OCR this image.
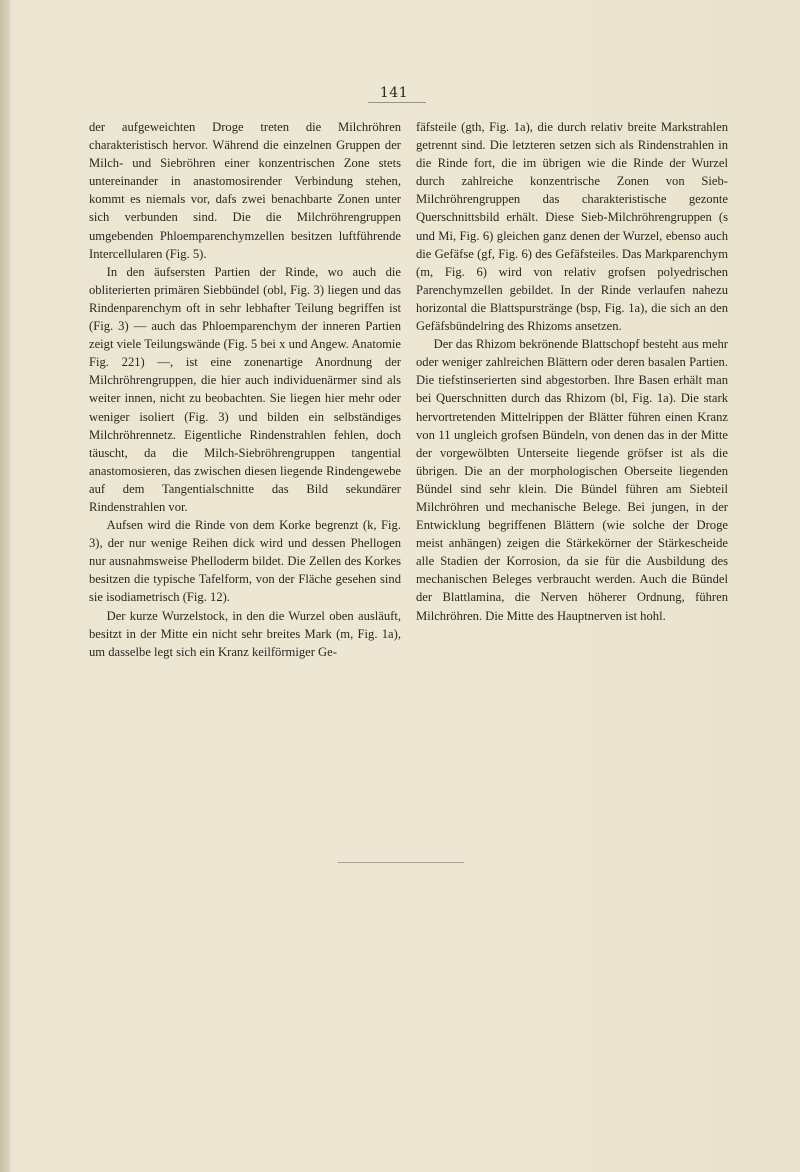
141

der aufgeweichten Droge treten die Milchröhren charakteristisch hervor. Während die einzelnen Gruppen der Milch- und Siebröhren einer konzentrischen Zone stets untereinander in anastomosirender Verbindung stehen, kommt es niemals vor, dafs zwei benachbarte Zonen unter sich verbunden sind. Die die Milchröhrengruppen umgebenden Phloemparenchymzellen besitzen luftführende Intercellularen (Fig. 5).

In den äufsersten Partien der Rinde, wo auch die obliterierten primären Siebbündel (obl, Fig. 3) liegen und das Rindenparenchym oft in sehr lebhafter Teilung begriffen ist (Fig. 3) — auch das Phloemparenchym der inneren Partien zeigt viele Teilungswände (Fig. 5 bei x und Angew. Anatomie Fig. 221) —, ist eine zonenartige Anordnung der Milchröhrengruppen, die hier auch individuenärmer sind als weiter innen, nicht zu beobachten. Sie liegen hier mehr oder weniger isoliert (Fig. 3) und bilden ein selbständiges Milchröhrennetz. Eigentliche Rindenstrahlen fehlen, doch täuscht, da die Milch-Siebröhrengruppen tangential anastomosieren, das zwischen diesen liegende Rindengewebe auf dem Tangentialschnitte das Bild sekundärer Rindenstrahlen vor.

Aufsen wird die Rinde von dem Korke begrenzt (k, Fig. 3), der nur wenige Reihen dick wird und dessen Phellogen nur ausnahmsweise Phelloderm bildet. Die Zellen des Korkes besitzen die typische Tafelform, von der Fläche gesehen sind sie isodiametrisch (Fig. 12).

Der kurze Wurzelstock, in den die Wurzel oben ausläuft, besitzt in der Mitte ein nicht sehr breites Mark (m, Fig. 1a), um dasselbe legt sich ein Kranz keilförmiger Ge-

fäfsteile (gth, Fig. 1a), die durch relativ breite Markstrahlen getrennt sind. Die letzteren setzen sich als Rindenstrahlen in die Rinde fort, die im übrigen wie die Rinde der Wurzel durch zahlreiche konzentrische Zonen von Sieb-Milchröhrengruppen das charakteristische gezonte Querschnittsbild erhält. Diese Sieb-Milchröhrengruppen (s und Mi, Fig. 6) gleichen ganz denen der Wurzel, ebenso auch die Gefäfse (gf, Fig. 6) des Gefäfsteiles. Das Markparenchym (m, Fig. 6) wird von relativ grofsen polyedrischen Parenchymzellen gebildet. In der Rinde verlaufen nahezu horizontal die Blattspurstränge (bsp, Fig. 1a), die sich an den Gefäfsbündelring des Rhizoms ansetzen.

Der das Rhizom bekrönende Blattschopf besteht aus mehr oder weniger zahlreichen Blättern oder deren basalen Partien. Die tiefstinserierten sind abgestorben. Ihre Basen erhält man bei Querschnitten durch das Rhizom (bl, Fig. 1a). Die stark hervortretenden Mittelrippen der Blätter führen einen Kranz von 11 ungleich grofsen Bündeln, von denen das in der Mitte der vorgewölbten Unterseite liegende gröfser ist als die übrigen. Die an der morphologischen Oberseite liegenden Bündel sind sehr klein. Die Bündel führen am Siebteil Milchröhren und mechanische Belege. Bei jungen, in der Entwicklung begriffenen Blättern (wie solche der Droge meist anhängen) zeigen die Stärkekörner der Stärkescheide alle Stadien der Korrosion, da sie für die Ausbildung des mechanischen Beleges verbraucht werden. Auch die Bündel der Blattlamina, die Nerven höherer Ordnung, führen Milchröhren. Die Mitte des Hauptnerven ist hohl.
